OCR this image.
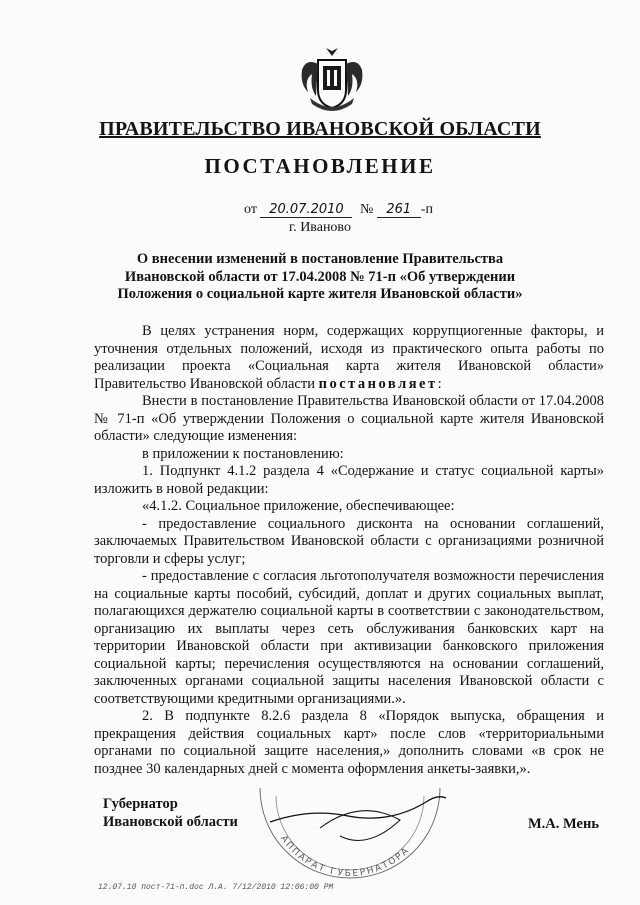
ПРАВИТЕЛЬСТВО ИВАНОВСКОЙ ОБЛАСТИ
ПОСТАНОВЛЕНИЕ
от 20.07.2010 № 261 -п
г. Иваново
О внесении изменений в постановление Правительства
Ивановской области от 17.04.2008 № 71-п «Об утверждении
Положения о социальной карте жителя Ивановской области»

В целях устранения норм, содержащих коррупциогенные факторы, и уточнения отдельных положений, исходя из практического опыта работы по реализации проекта «Социальная карта жителя Ивановской области» Правительство Ивановской области постановляет:

Внести в постановление Правительства Ивановской области от 17.04.2008 № 71-п «Об утверждении Положения о социальной карте жителя Ивановской области» следующие изменения:

в приложении к постановлению:

1. Подпункт 4.1.2 раздела 4 «Содержание и статус социальной карты» изложить в новой редакции:

«4.1.2. Социальное приложение, обеспечивающее:

- предоставление социального дисконта на основании соглашений, заключаемых Правительством Ивановской области с организациями розничной торговли и сферы услуг;

- предоставление с согласия льготополучателя возможности перечисления на социальные карты пособий, субсидий, доплат и других социальных выплат, полагающихся держателю социальной карты в соответствии с законодательством, организацию их выплаты через сеть обслуживания банковских карт на территории Ивановской области при активизации банковского приложения социальной карты; перечисления осуществляются на основании соглашений, заключенных органами социальной защиты населения Ивановской области с соответствующими кредитными организациями.».

2. В подпункте 8.2.6 раздела 8 «Порядок выпуска, обращения и прекращения действия социальных карт» после слов «территориальными органами по социальной защите населения,» дополнить словами «в срок не позднее 30 календарных дней с момента оформления анкеты-заявки,».

АППАРАТ ГУБЕРНАТОРА
Губернатор
Ивановской области	М.А. Мень
12.07.10 пост-71-п.doc Л.А. 7/12/2010 12:06:00 PM
